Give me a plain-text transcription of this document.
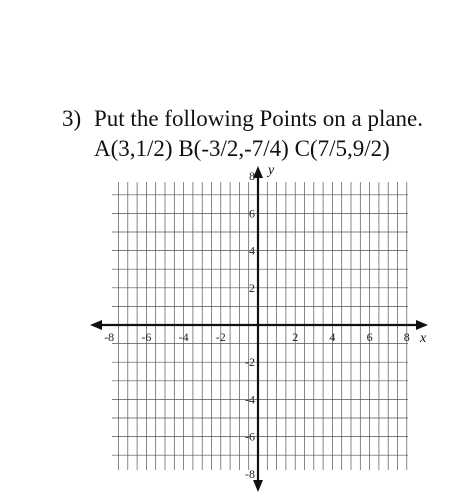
3) Put the following Points on a plane.
A(3,1/2) B(-3/2,-7/4) C(7/5,9/2)
-8 -6 -4 -2	2	4	6	8
8
6
4
2
-2
-4
-6
-8
x
y
